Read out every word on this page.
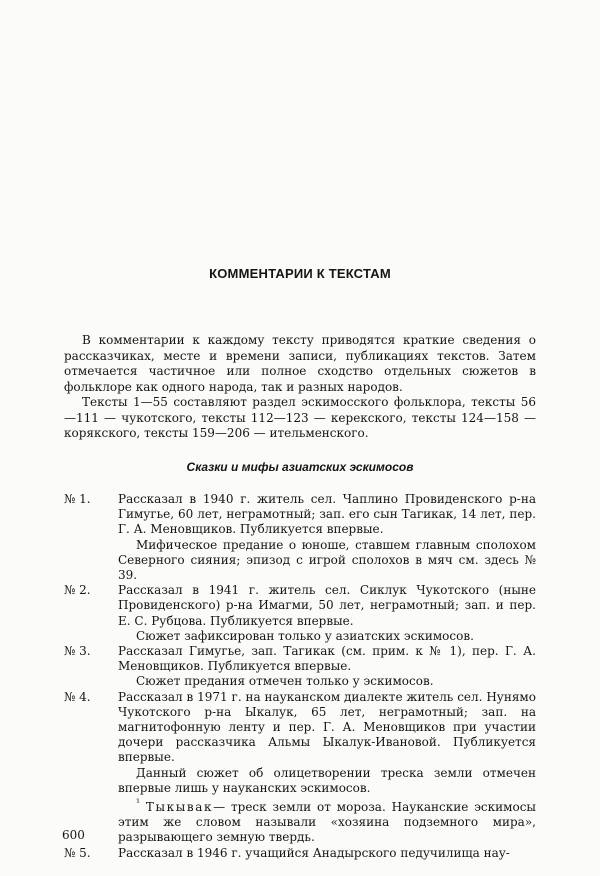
КОММЕНТАРИИ К ТЕКСТАМ

В комментарии к каждому тексту приводятся краткие сведения о рассказчиках, месте и времени записи, публикациях текстов. Затем отмечается частичное или полное сходство отдельных сюжетов в фольклоре как одного народа, так и разных народов.

Тексты 1—55 составляют раздел эскимосского фольклора, тексты 56—111 — чукотского, тексты 112—123 — керекского, тексты 124—158 — корякского, тексты 159—206 — ительменского.

Сказки и мифы азиатских эскимосов
№ 1. Рассказал в 1940 г. житель сел. Чаплино Провиденского р-на Гимугье, 60 лет, неграмотный; зап. его сын Тагикак, 14 лет, пер. Г. А. Меновщиков. Публикуется впервые.

Мифическое предание о юноше, ставшем главным сполохом Северного сияния; эпизод с игрой сполохов в мяч см. здесь № 39.

№ 2. Рассказал в 1941 г. житель сел. Сиклук Чукотского (ныне Провиденского) р-на Имагми, 50 лет, неграмотный; зап. и пер. Е. С. Рубцова. Публикуется впервые.

Сюжет зафиксирован только у азиатских эскимосов.

№ 3. Рассказал Гимугье, зап. Тагикак (см. прим. к № 1), пер. Г. А. Меновщиков. Публикуется впервые.

Сюжет предания отмечен только у эскимосов.

№ 4. Рассказал в 1971 г. на науканском диалекте житель сел. Нунямо Чукотского р-на Ыкалук, 65 лет, неграмотный; зап. на магнитофонную ленту и пер. Г. А. Меновщиков при участии дочери рассказчика Альмы Ыкалук-Ивановой. Публикуется впервые.

Данный сюжет об олицетворении треска земли отмечен впервые лишь у науканских эскимосов.

$^{^1}$ Тыкывак— треск земли от мороза. Науканские эскимосы этим же словом называли «хозяина подземного мира», разрывающего земную твердь.

№ 5. Рассказал в 1946 г. учащийся Анадырского педучилища нау-

600
